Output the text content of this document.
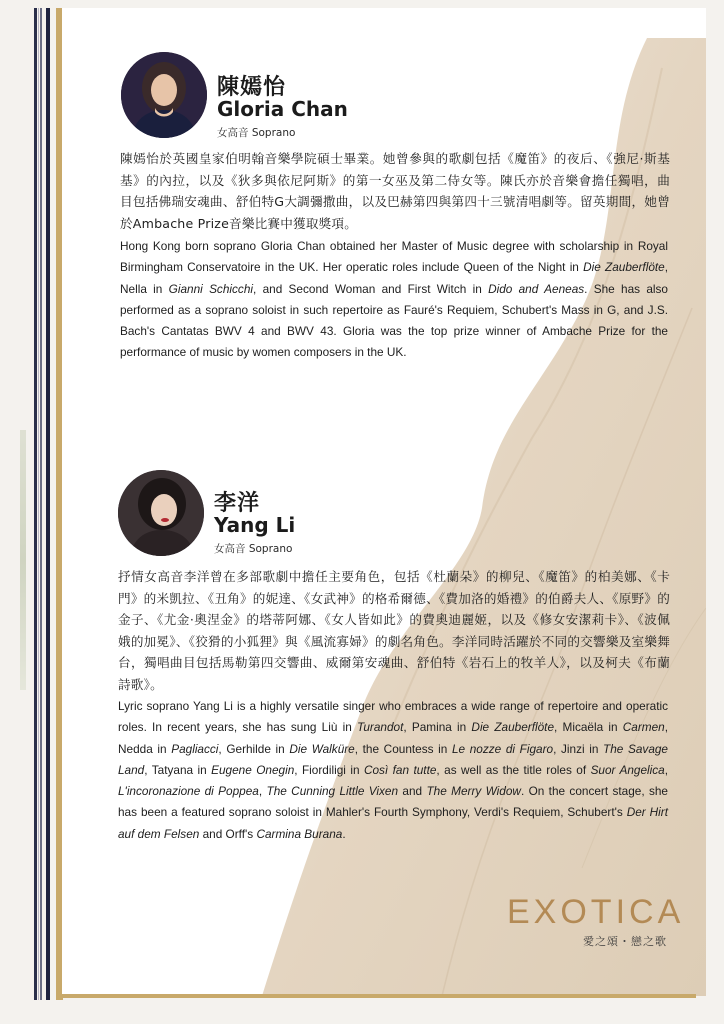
陳嫣怡
Gloria Chan
女高音 Soprano
陳嫣怡於英國皇家伯明翰音樂學院碩士畢業。她曾參與的歌劇包括《魔笛》的夜后、《強尼·斯基基》的內拉，以及《狄多與依尼阿斯》的第一女巫及第二侍女等。陳氏亦於音樂會擔任獨唱，曲目包括佛瑞安魂曲、舒伯特G大調彌撒曲，以及巴赫第四與第四十三號清唱劇等。留英期間，她曾於Ambache Prize音樂比賽中獲取獎項。
Hong Kong born soprano Gloria Chan obtained her Master of Music degree with scholarship in Royal Birmingham Conservatoire in the UK. Her operatic roles include Queen of the Night in Die Zauberflöte, Nella in Gianni Schicchi, and Second Woman and First Witch in Dido and Aeneas. She has also performed as a soprano soloist in such repertoire as Fauré's Requiem, Schubert's Mass in G, and J.S. Bach's Cantatas BWV 4 and BWV 43. Gloria was the top prize winner of Ambache Prize for the performance of music by women composers in the UK.
李洋
Yang Li
女高音 Soprano
抒情女高音李洋曾在多部歌劇中擔任主要角色，包括《杜蘭朵》的柳兒、《魔笛》的柏美娜、《卡門》的米凱拉、《丑角》的妮達、《女武神》的格希爾德、《費加洛的婚禮》的伯爵夫人、《原野》的金子、《尤金·奧涅金》的塔蒂阿娜、《女人皆如此》的費奧迪麗姬，以及《修女安潔莉卡》、《波佩娥的加冕》、《狡猾的小狐狸》與《風流寡婦》的劇名角色。李洋同時活躍於不同的交響樂及室樂舞台，獨唱曲目包括馬勒第四交響曲、威爾第安魂曲、舒伯特《岩石上的牧羊人》，以及柯夫《布蘭詩歌》。
Lyric soprano Yang Li is a highly versatile singer who embraces a wide range of repertoire and operatic roles. In recent years, she has sung Liù in Turandot, Pamina in Die Zauberflöte, Micaëla in Carmen, Nedda in Pagliacci, Gerhilde in Die Walküre, the Countess in Le nozze di Figaro, Jinzi in The Savage Land, Tatyana in Eugene Onegin, Fiordiligi in Così fan tutte, as well as the title roles of Suor Angelica, L'incoronazione di Poppea, The Cunning Little Vixen and The Merry Widow. On the concert stage, she has been a featured soprano soloist in Mahler's Fourth Symphony, Verdi's Requiem, Schubert's Der Hirt auf dem Felsen and Orff's Carmina Burana.
EXOTICA
愛之頌・戀之歌
